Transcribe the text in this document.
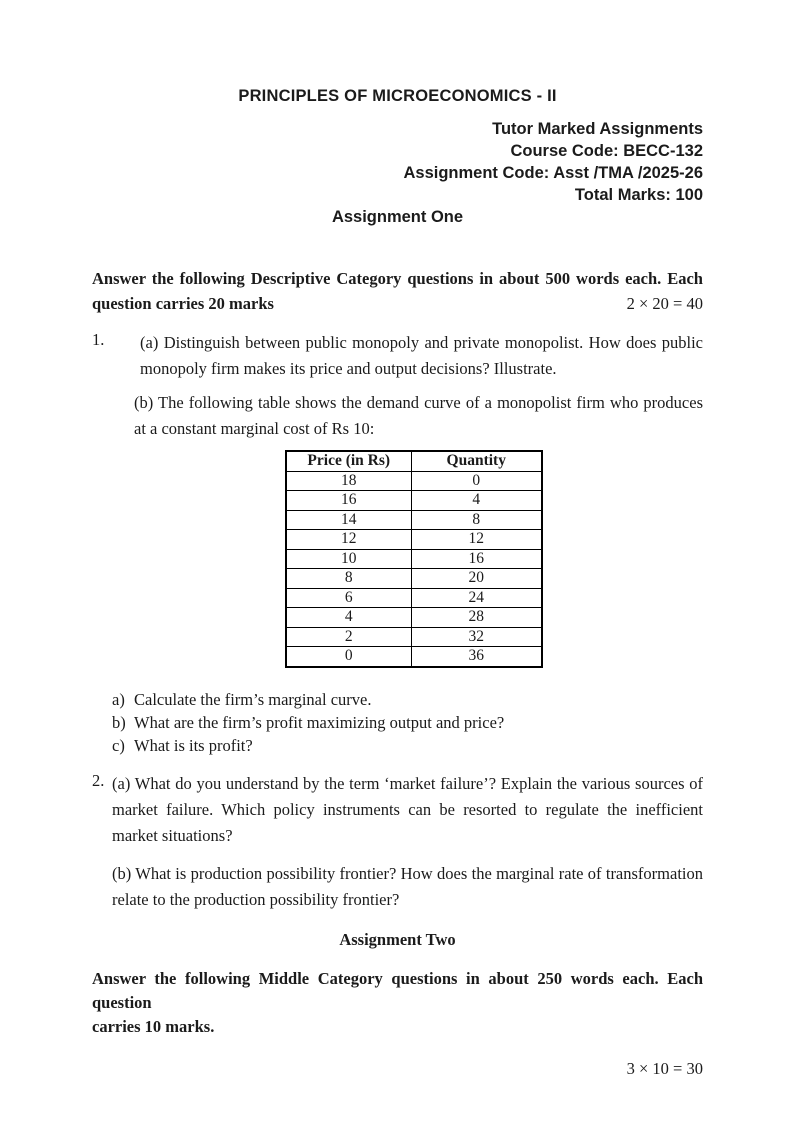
PRINCIPLES OF MICROECONOMICS - II
Tutor Marked Assignments
Course Code: BECC-132
Assignment Code: Asst /TMA /2025-26
Total Marks: 100
Assignment One
Answer the following Descriptive Category questions in about 500 words each. Each
question carries 20 marks	2 × 20 = 40
1. (a) Distinguish between public monopoly and private monopolist. How does public monopoly firm makes its price and output decisions? Illustrate.
(b) The following table shows the demand curve of a monopolist firm who produces at a constant marginal cost of Rs 10:
Price (in Rs)	Quantity
18	0
16	4
14	8
12	12
10	16
8	20
6	24
4	28
2	32
0	36
a) Calculate the firm’s marginal curve.
b) What are the firm’s profit maximizing output and price?
c) What is its profit?
2. (a) What do you understand by the term ‘market failure’? Explain the various sources of market failure. Which policy instruments can be resorted to regulate the inefficient market situations?
(b) What is production possibility frontier? How does the marginal rate of transformation relate to the production possibility frontier?
Assignment Two
Answer the following Middle Category questions in about 250 words each. Each question
carries 10 marks.
3 × 10 = 30
